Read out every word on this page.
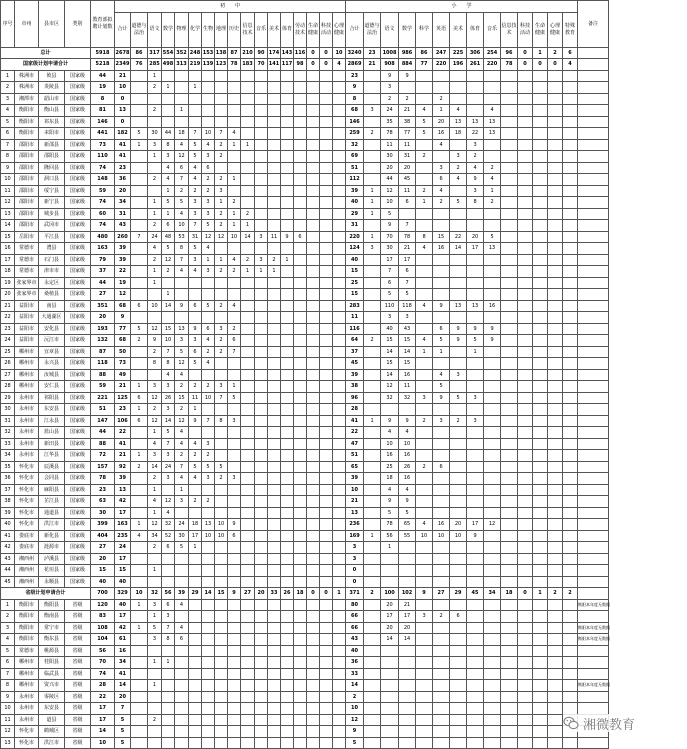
序号	市州	县市区	类别	教育部拟聘计划数	初　　中																	小　　学														备注
					合计	道德与法治	语文	数学	物理	化学	生物	地理	历史	信息技术	音乐	美术	体育	劳动技术	生命健康	科技活动	心理健康	合计	道德与法治	语文	数学	科学	英语	美术	体育	音乐	信息技术	科技活动	生命健康	心理健康	特殊教育	
总计				5918	2678	86	317	554	352	248	153	138	87	210	90	174	143	116	0	0	10	3240	23	1008	986	86	247	225	306	254	96	0	1	2	6	
国家级计划申请合计				5218	2349	76	285	498	313	219	139	123	78	183	70	141	117	98	0	0	4	2869	21	908	884	77	220	196	261	220	78	0	0	0	4	
1	株洲市	攸县	国家级	44	21		1															23		9	9											
2	株洲市	炎陵县	国家级	19	10		2	1		1												9		3												
3	湘潭市	韶山市	国家级	8	0																	8		2	2		2									
4	衡阳市	衡山县	国家级	81	13		2		1													68	3	24	21	4	1	4		4						
5	衡阳市	祁东县	国家级	146	0																	146		35	38	5	20	13	13	13						
6	衡阳市	耒阳市	国家级	441	182	5	30	44	18	7	10	7	4									259	2	78	77	5	16	18	22	13						
7	邵阳市	新邵县	国家级	73	41	1	3	8	4	5	4	2	1	1								32		11	11		4		3							
8	邵阳市	邵阳县	国家级	110	41		1	3	12	5	3	2										69		30	31	2		3	2							
9	邵阳市	隆回县	国家级	74	23			4	6	4	6											51		20	20		3	2	4	2						
10	邵阳市	洞口县	国家级	148	36		2	4	7	4	2	2	1									112		44	45		6	4	9	4						
11	邵阳市	绥宁县	国家级	59	20			1	2	2	2	3										39	1	12	11	2	4		3	1						
12	邵阳市	新宁县	国家级	74	34		1	5	5	3	3	1	2									40	1	10	6	1	2	5	8	2						
13	邵阳市	城步县	国家级	60	31		1	1	4	3	3	2	1	2								29	1	5												
14	邵阳市	武冈市	国家级	74	43		2	6	10	7	5	2	1	1								31		9	7											
15	岳阳市	平江县	国家级	480	260	7	24	48	53	31	12	12	10	14	3	11	9	6				220	1	70	78	8	15	22	20	5						
16	常德市	澧县	国家级	163	39		4	5	8	5	4											124	3	30	21	4	16	14	17	13						
17	常德市	石门县	国家级	79	39		2	12	7	3	1	1	4	2	3	2	1					40		17	17											
18	常德市	津市市	国家级	37	22		1	2	4	4	3	2	2	1	1	1						15		7	6											
19	张家界市	永定区	国家级	44	19		1															25		6	7											
20	张家界市	桑植县	国家级	27	12			1														15		5	5											
21	益阳市	南县	国家级	351	68	6	10	14	9	6	5	2	4									283		110	118	4	9	13	13	16						
22	益阳市	大通湖区	国家级	20	9																	11		3	3											
23	益阳市	安化县	国家级	193	77	5	12	15	13	9	6	3	2									116		40	43		6	9	9	9						
24	益阳市	沅江市	国家级	132	68	2	9	10	3	3	4	2	6									64	2	15	15	4	5	9	5	9						
25	郴州市	宜章县	国家级	87	50		2	7	5	6	2	2	7									37		14	14	1	1		1							
26	郴州市	永兴县	国家级	118	73		8	8	12	5	4											45		15	15											
27	郴州市	汝城县	国家级	88	49			4	4													39		14	16		4	3								
28	郴州市	安仁县	国家级	59	21	1	3	3	2	2	2	3	1									38		12	11		5									
29	永州市	祁阳县	国家级	221	125	6	12	26	15	11	10	7	5									96		32	32	3	9	5	3							
30	永州市	东安县	国家级	51	23	1	2	3	2	1												28														
31	永州市	江永县	国家级	147	106	6	12	14	12	9	7	8	3									41	1	9	9	2	3	2	3							
32	永州市	蓝山县	国家级	44	22		1	5	4													22		4	4											
33	永州市	新田县	国家级	88	41		4	7	4	4	3											47		10	10											
34	永州市	江华县	国家级	72	21	1	3	3	2	2	2											51		16	16											
35	怀化市	辰溪县	国家级	157	92	2	14	24	7	5	5	5										65		25	26	2	6									
36	怀化市	会同县	国家级	78	39		2	3	4	4	3	2	3									39		18	16											
37	怀化市	麻阳县	国家级	23	13		1		1													10		4	4											
38	怀化市	芷江县	国家级	63	42		4	12	3	2	2											21		9	9											
39	怀化市	通道县	国家级	30	17		1	4														13		5	5											
40	怀化市	洪江市	国家级	399	163	1	12	32	24	18	13	10	9									236		78	65	4	16	20	17	12						
41	娄底市	新化县	国家级	404	235	4	34	52	30	17	10	10	6									169	1	56	55	10	10	10	9							
42	娄底市	涟源市	国家级	27	24		2	6	5	1												3		1												
43	湘西州	泸溪县	国家级	20	17																	3														
44	湘西州	花垣县	国家级	15	15		1															0														
45	湘西州	永顺县	国家级	40	40																	0														
省级计划申请合计				700	329	10	32	56	39	29	14	15	9	27	20	33	26	18	0	0	1	371	2	100	102	9	27	29	45	34	18	0	1	2	2	
1	衡阳市	衡阳县	省级	120	40	1	3	6	4													80		20	21											衡阳本年度无数据
2	衡阳市	衡南县	省级	83	17		1	3														66		17	17	3	2	6								
3	衡阳市	常宁市	省级	108	42	1	5	7	4													66		20	20											衡阳本年度无数据
4	衡阳市	衡东县	省级	104	61		3	8	6													43		14	14											衡阳本年度无数据
5	常德市	桃源县	省级	56	16																	40														
6	郴州市	桂阳县	省级	70	34		1	1														36														
7	郴州市	临武县	省级	74	41																	33														
8	郴州市	资兴市	省级	28	14		1															14														衡阳本年度无数据
9	永州市	零陵区	省级	22	20																	2														
10	永州市	东安县	省级	17	7																	10														
11	永州市	道县	省级	17	5		2															12														
12	怀化市	鹤城区	省级	14	5																	9														
13	怀化市	洪江市	省级	10	5																	5														
湘微教育
